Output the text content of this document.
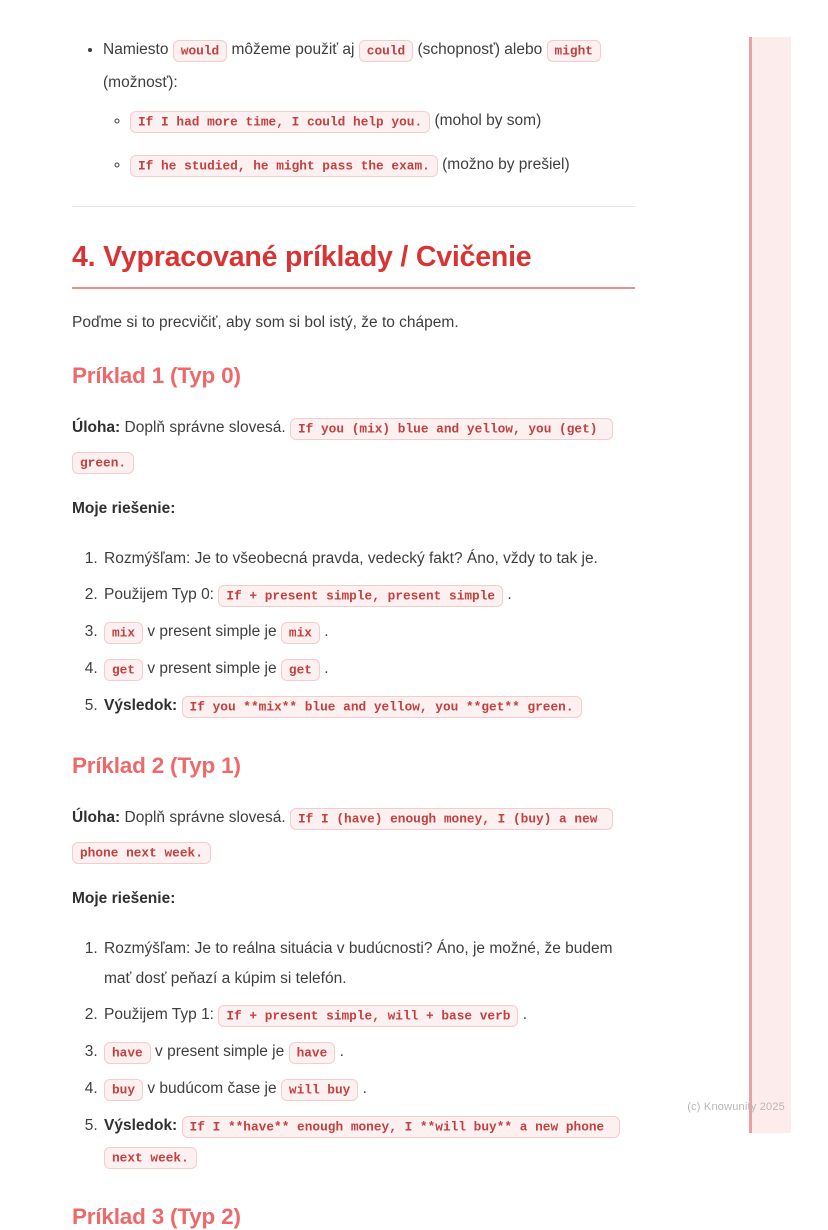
• Namiesto would môžeme použiť aj could (schopnosť) alebo might (možnosť):
◦ If I had more time, I could help you. (mohol by som)
◦ If he studied, he might pass the exam. (možno by prešiel)
4. Vypracované príklady / Cvičenie

Poďme si to precvičiť, aby som si bol istý, že to chápem.

Príklad 1 (Typ 0)

Úloha: Doplň správne slovesá. If you (mix) blue and yellow, you (get) green.

Moje riešenie:

1. Rozmýšľam: Je to všeobecná pravda, vedecký fakt? Áno, vždy to tak je.
2. Použijem Typ 0: If + present simple, present simple .
3. mix v present simple je mix .
4. get v present simple je get .
5. Výsledok: If you **mix** blue and yellow, you **get** green.
Príklad 2 (Typ 1)

Úloha: Doplň správne slovesá. If I (have) enough money, I (buy) a new phone next week.

Moje riešenie:

1. Rozmýšľam: Je to reálna situácia v budúcnosti? Áno, je možné, že budem mať dosť peňazí a kúpim si telefón.
2. Použijem Typ 1: If + present simple, will + base verb .
3. have v present simple je have .
4. buy v budúcom čase je will buy .
5. Výsledok: If I **have** enough money, I **will buy** a new phone next week.
Príklad 3 (Typ 2)
(c) Knowunity 2025
